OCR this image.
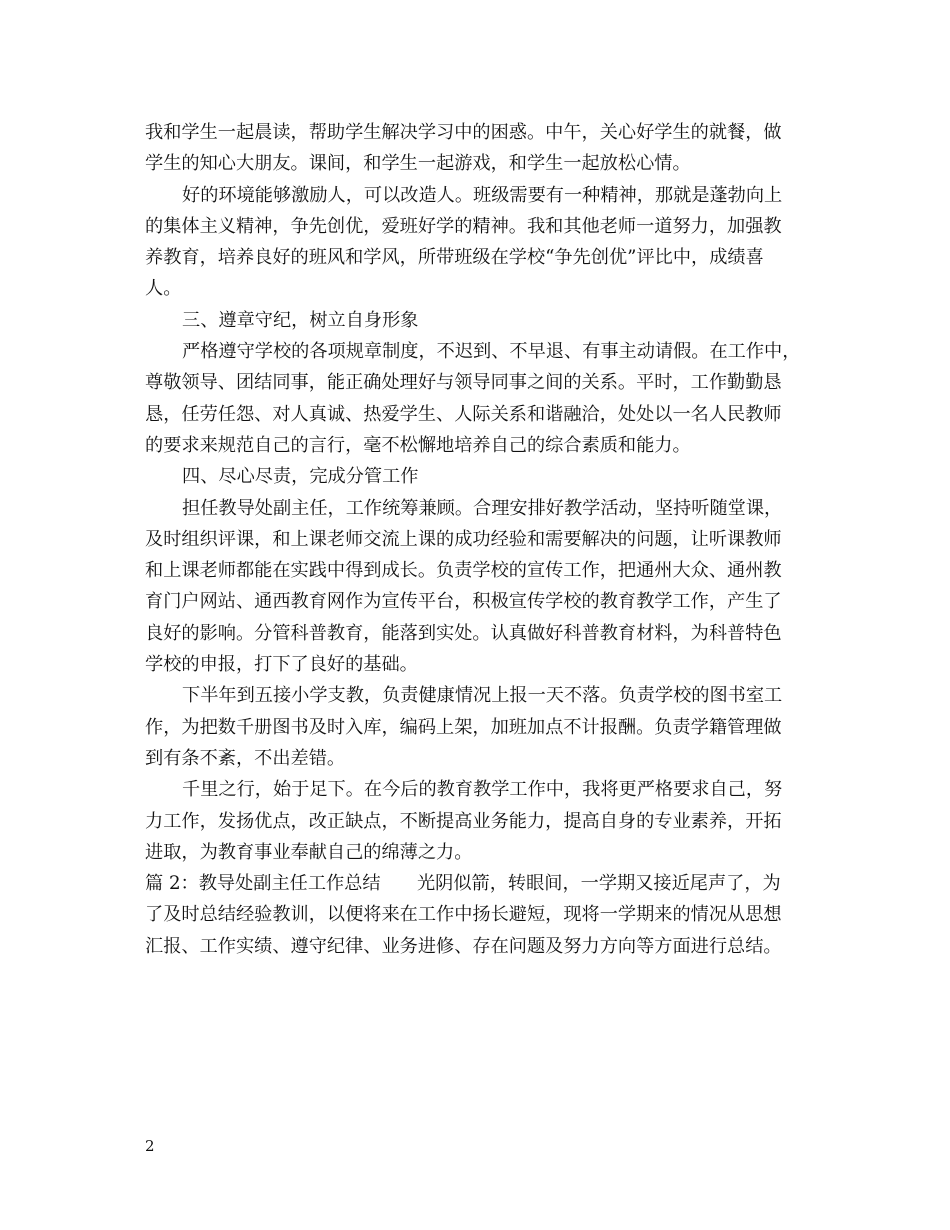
我和学生一起晨读，帮助学生解决学习中的困惑。中午，关心好学生的就餐，做
学生的知心大朋友。课间，和学生一起游戏，和学生一起放松心情。
好的环境能够激励人，可以改造人。班级需要有一种精神，那就是蓬勃向上
的集体主义精神，争先创优，爱班好学的精神。我和其他老师一道努力，加强教
养教育，培养良好的班风和学风，所带班级在学校“争先创优”评比中，成绩喜
人。
三、遵章守纪，树立自身形象
严格遵守学校的各项规章制度，不迟到、不早退、有事主动请假。在工作中，
尊敬领导、团结同事，能正确处理好与领导同事之间的关系。平时，工作勤勤恳
恳，任劳任怨、对人真诚、热爱学生、人际关系和谐融洽，处处以一名人民教师
的要求来规范自己的言行，毫不松懈地培养自己的综合素质和能力。
四、尽心尽责，完成分管工作
担任教导处副主任，工作统筹兼顾。合理安排好教学活动，坚持听随堂课，
及时组织评课，和上课老师交流上课的成功经验和需要解决的问题，让听课教师
和上课老师都能在实践中得到成长。负责学校的宣传工作，把通州大众、通州教
育门户网站、通西教育网作为宣传平台，积极宣传学校的教育教学工作，产生了
良好的影响。分管科普教育，能落到实处。认真做好科普教育材料，为科普特色
学校的申报，打下了良好的基础。
下半年到五接小学支教，负责健康情况上报一天不落。负责学校的图书室工
作，为把数千册图书及时入库，编码上架，加班加点不计报酬。负责学籍管理做
到有条不紊，不出差错。
千里之行，始于足下。在今后的教育教学工作中，我将更严格要求自己，努
力工作，发扬优点，改正缺点，不断提高业务能力，提高自身的专业素养，开拓
进取，为教育事业奉献自己的绵薄之力。
篇 2：教导处副主任工作总结　　光阴似箭，转眼间，一学期又接近尾声了，为
了及时总结经验教训，以便将来在工作中扬长避短，现将一学期来的情况从思想
汇报、工作实绩、遵守纪律、业务进修、存在问题及努力方向等方面进行总结。
2
